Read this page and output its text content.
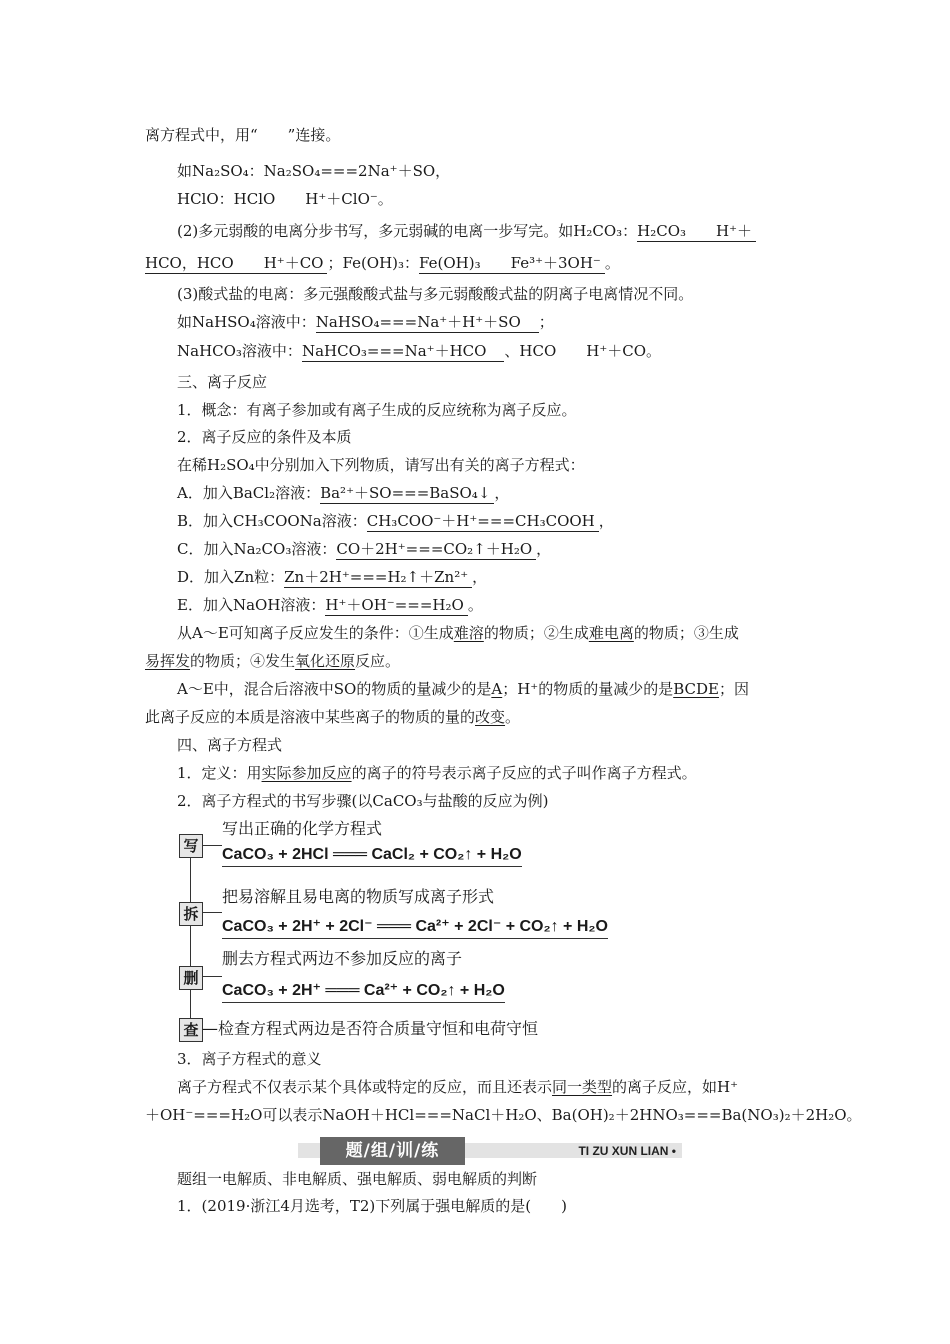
离方程式中，用“　　”连接。
如Na₂SO₄：Na₂SO₄===2Na⁺＋SO，
HClO：HClO　　H⁺＋ClO⁻。
(2)多元弱酸的电离分步书写，多元弱碱的电离一步写完。如H₂CO₃：H₂CO₃　　H⁺＋
HCO，HCO　　H⁺＋CO ；Fe(OH)₃：Fe(OH)₃　　Fe³⁺＋3OH⁻ 。
(3)酸式盐的电离：多元强酸酸式盐与多元弱酸酸式盐的阴离子电离情况不同。
如NaHSO₄溶液中：NaHSO₄===Na⁺＋H⁺＋SO ；
NaHCO₃溶液中：NaHCO₃===Na⁺＋HCO 、HCO　　H⁺＋CO。
三、离子反应
1．概念：有离子参加或有离子生成的反应统称为离子反应。
2．离子反应的条件及本质
在稀H₂SO₄中分别加入下列物质，请写出有关的离子方程式：
A．加入BaCl₂溶液：Ba²⁺＋SO===BaSO₄↓ ，
B．加入CH₃COONa溶液：CH₃COO⁻＋H⁺===CH₃COOH ，
C．加入Na₂CO₃溶液：CO＋2H⁺===CO₂↑＋H₂O ，
D．加入Zn粒：Zn＋2H⁺===H₂↑＋Zn²⁺ ，
E．加入NaOH溶液：H⁺＋OH⁻===H₂O 。
从A～E可知离子反应发生的条件：①生成难溶的物质；②生成难电离的物质；③生成
易挥发的物质；④发生氧化还原反应。
A～E中，混合后溶液中SO的物质的量减少的是A；H⁺的物质的量减少的是BCDE；因
此离子反应的本质是溶液中某些离子的物质的量的改变。
四、离子方程式
1．定义：用实际参加反应的离子的符号表示离子反应的式子叫作离子方程式。
2．离子方程式的书写步骤(以CaCO₃与盐酸的反应为例)
写
写出正确的化学方程式
CaCO₃ + 2HCl ═══ CaCl₂ + CO₂↑ + H₂O
拆
把易溶解且易电离的物质写成离子形式
CaCO₃ + 2H⁺ + 2Cl⁻ ═══ Ca²⁺ + 2Cl⁻ + CO₂↑ + H₂O
删
删去方程式两边不参加反应的离子
CaCO₃ + 2H⁺ ═══ Ca²⁺ + CO₂↑ + H₂O
查 —检查方程式两边是否符合质量守恒和电荷守恒
3．离子方程式的意义
离子方程式不仅表示某个具体或特定的反应，而且还表示同一类型的离子反应，如H⁺
＋OH⁻===H₂O可以表示NaOH＋HCl===NaCl＋H₂O、Ba(OH)₂＋2HNO₃===Ba(NO₃)₂＋2H₂O。
题/组/训/练	TI ZU XUN LIAN •
题组一电解质、非电解质、强电解质、弱电解质的判断
1．(2019·浙江4月选考，T2)下列属于强电解质的是(　　)
